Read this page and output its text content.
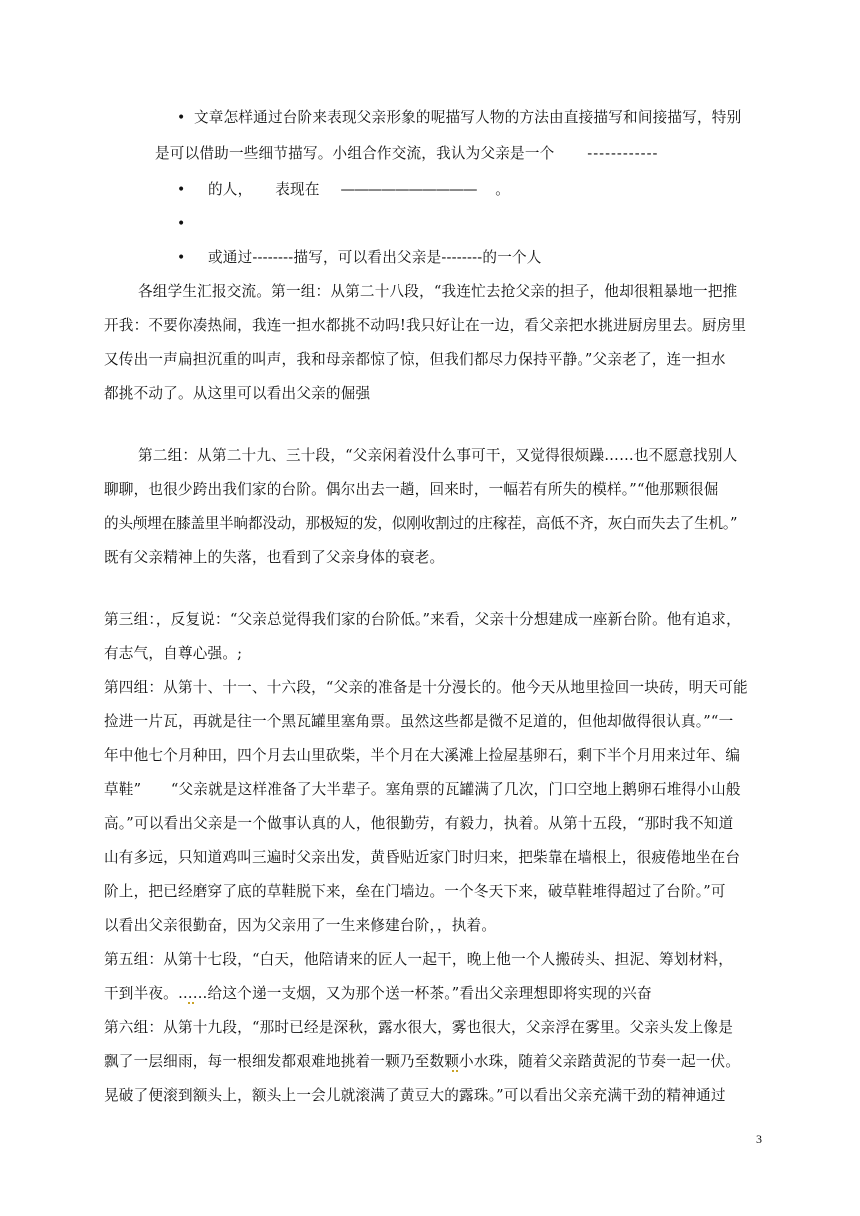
• 文章怎样通过台阶来表现父亲形象的呢描写人物的方法由直接描写和间接描写，特别
是可以借助一些细节描写。小组合作交流，我认为父亲是一个 ------------
• 的人， 表现在 —————————— 。
•
• 或通过--------描写，可以看出父亲是--------的一个人
各组学生汇报交流。第一组：从第二十八段，“我连忙去抢父亲的担子，他却很粗暴地一把推
开我：不要你凑热闹，我连一担水都挑不动吗!我只好让在一边，看父亲把水挑进厨房里去。厨房里
又传出一声扁担沉重的叫声，我和母亲都惊了惊，但我们都尽力保持平静。”父亲老了，连一担水
都挑不动了。从这里可以看出父亲的倔强
第二组：从第二十九、三十段，“父亲闲着没什么事可干，又觉得很烦躁……也不愿意找别人
聊聊，也很少跨出我们家的台阶。偶尔出去一趟，回来时，一幅若有所失的模样。”“他那颗很倔
的头颅埋在膝盖里半晌都没动，那极短的发，似刚收割过的庄稼茬，高低不齐，灰白而失去了生机。”
既有父亲精神上的失落，也看到了父亲身体的衰老。
第三组：，反复说：“父亲总觉得我们家的台阶低。”来看，父亲十分想建成一座新台阶。他有追求，
有志气，自尊心强。;
第四组：从第十、十一、十六段，“父亲的准备是十分漫长的。他今天从地里捡回一块砖，明天可能
捡进一片瓦，再就是往一个黑瓦罐里塞角票。虽然这些都是微不足道的，但他却做得很认真。”“一
年中他七个月种田，四个月去山里砍柴，半个月在大溪滩上捡屋基卵石，剩下半个月用来过年、编
草鞋”　　“父亲就是这样准备了大半辈子。塞角票的瓦罐满了几次，门口空地上鹅卵石堆得小山般
高。”可以看出父亲是一个做事认真的人，他很勤劳，有毅力，执着。从第十五段，“那时我不知道
山有多远，只知道鸡叫三遍时父亲出发，黄昏贴近家门时归来，把柴靠在墙根上，很疲倦地坐在台
阶上，把已经磨穿了底的草鞋脱下来，垒在门墙边。一个冬天下来，破草鞋堆得超过了台阶。”可
以看出父亲很勤奋，因为父亲用了一生来修建台阶，，执着。
第五组：从第十七段，“白天，他陪请来的匠人一起干，晚上他一个人搬砖头、担泥、筹划材料，
干到半夜。……给这个递一支烟，又为那个送一杯茶。”看出父亲理想即将实现的兴奋
第六组：从第十九段，“那时已经是深秋，露水很大，雾也很大，父亲浮在雾里。父亲头发上像是
飘了一层细雨，每一根细发都艰难地挑着一颗乃至数颗小水珠，随着父亲踏黄泥的节奏一起一伏。
晃破了便滚到额头上，额头上一会儿就滚满了黄豆大的露珠。”可以看出父亲充满干劲的精神通过
3
